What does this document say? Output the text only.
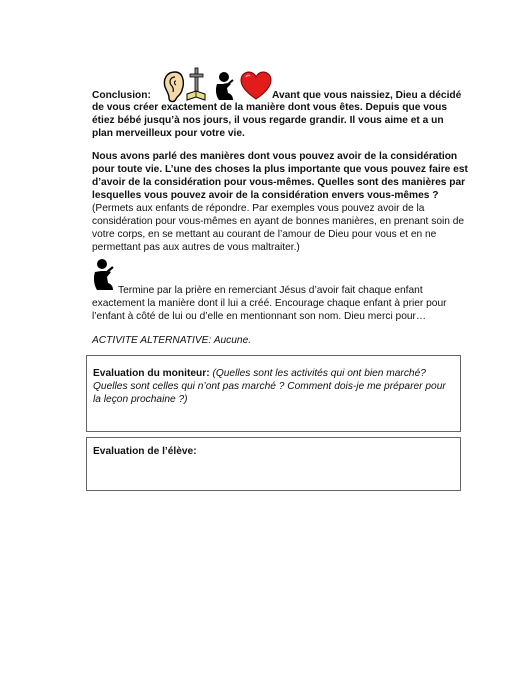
Conclusion:	Avant que vous naissiez, Dieu a décidé
de vous créer exactement de la manière dont vous êtes. Depuis que vous étiez bébé jusqu’à nos jours, il vous regarde grandir. Il vous aime et a un plan merveilleux pour votre vie.
Nous avons parlé des manières dont vous pouvez avoir de la considération pour toute vie. L’une des choses la plus importante que vous pouvez faire est d’avoir de la considération pour vous-mêmes. Quelles sont des manières par lesquelles vous pouvez avoir de la considération envers vous-mêmes ? (Permets aux enfants de répondre. Par exemples vous pouvez avoir de la considération pour vous-mêmes en ayant de bonnes manières, en prenant soin de votre corps, en se mettant au courant de l’amour de Dieu pour vous et en ne permettant pas aux autres de vous maltraiter.)
Termine par la prière en remerciant Jésus d’avoir fait chaque enfant exactement la manière dont il lui a créé. Encourage chaque enfant à prier pour l’enfant à côté de lui ou d’elle en mentionnant son nom. Dieu merci pour…
ACTIVITE ALTERNATIVE: Aucune.
Evaluation du moniteur: (Quelles sont les activités qui ont bien marché? Quelles sont celles qui n’ont pas marché ? Comment dois-je me préparer pour la leçon prochaine ?)
Evaluation de l’élève:
